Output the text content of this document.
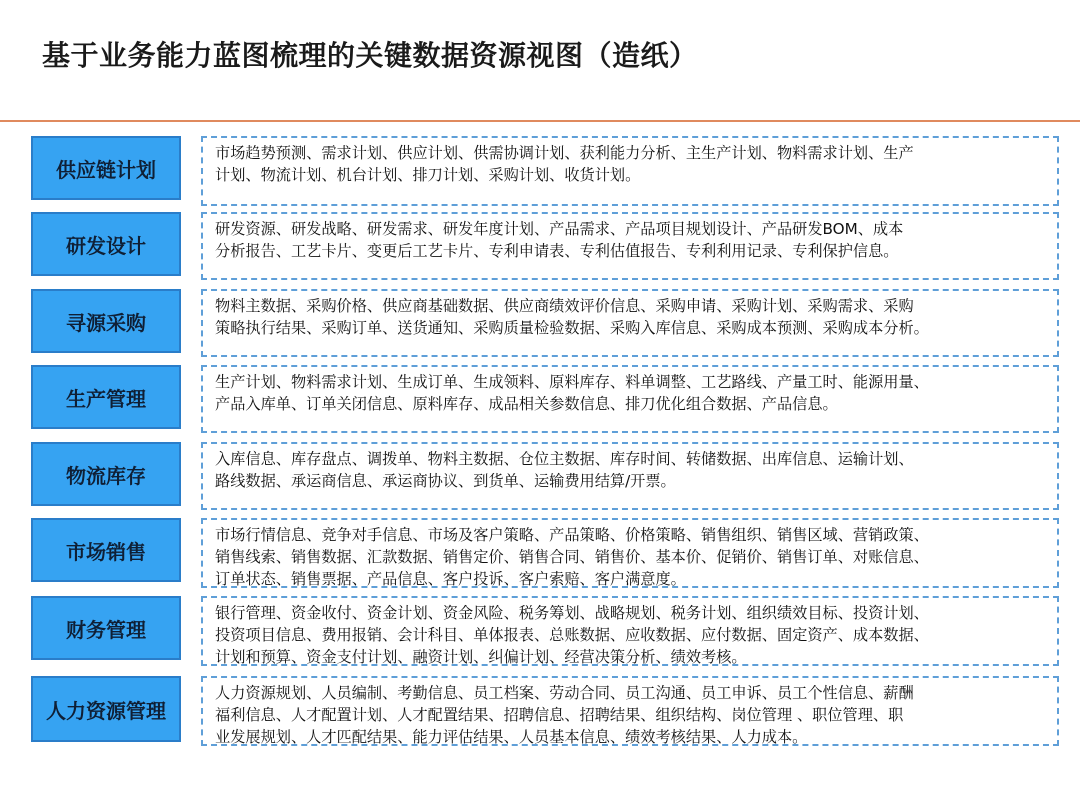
基于业务能力蓝图梳理的关键数据资源视图（造纸）
供应链计划
市场趋势预测、需求计划、供应计划、供需协调计划、获利能力分析、主生产计划、物料需求计划、生产
计划、物流计划、机台计划、排刀计划、采购计划、收货计划。
研发设计
研发资源、研发战略、研发需求、研发年度计划、产品需求、产品项目规划设计、产品研发BOM、成本
分析报告、工艺卡片、变更后工艺卡片、专利申请表、专利估值报告、专利利用记录、专利保护信息。
寻源采购
物料主数据、采购价格、供应商基础数据、供应商绩效评价信息、采购申请、采购计划、采购需求、采购
策略执行结果、采购订单、送货通知、采购质量检验数据、采购入库信息、采购成本预测、采购成本分析。
生产管理
生产计划、物料需求计划、生成订单、生成领料、原料库存、料单调整、工艺路线、产量工时、能源用量、
产品入库单、订单关闭信息、原料库存、成品相关参数信息、排刀优化组合数据、产品信息。
物流库存
入库信息、库存盘点、调拨单、物料主数据、仓位主数据、库存时间、转储数据、出库信息、运输计划、
路线数据、承运商信息、承运商协议、到货单、运输费用结算/开票。
市场销售
市场行情信息、竞争对手信息、市场及客户策略、产品策略、价格策略、销售组织、销售区域、营销政策、
销售线索、销售数据、汇款数据、销售定价、销售合同、销售价、基本价、促销价、销售订单、对账信息、
订单状态、销售票据、产品信息、客户投诉、客户索赔、客户满意度。
财务管理
银行管理、资金收付、资金计划、资金风险、税务筹划、战略规划、税务计划、组织绩效目标、投资计划、
投资项目信息、费用报销、会计科目、单体报表、总账数据、应收数据、应付数据、固定资产、成本数据、
计划和预算、资金支付计划、融资计划、纠偏计划、经营决策分析、绩效考核。
人力资源管理
人力资源规划、人员编制、考勤信息、员工档案、劳动合同、员工沟通、员工申诉、员工个性信息、薪酬
福利信息、人才配置计划、人才配置结果、招聘信息、招聘结果、组织结构、岗位管理 、职位管理、职
业发展规划、人才匹配结果、能力评估结果、人员基本信息、绩效考核结果、人力成本。
